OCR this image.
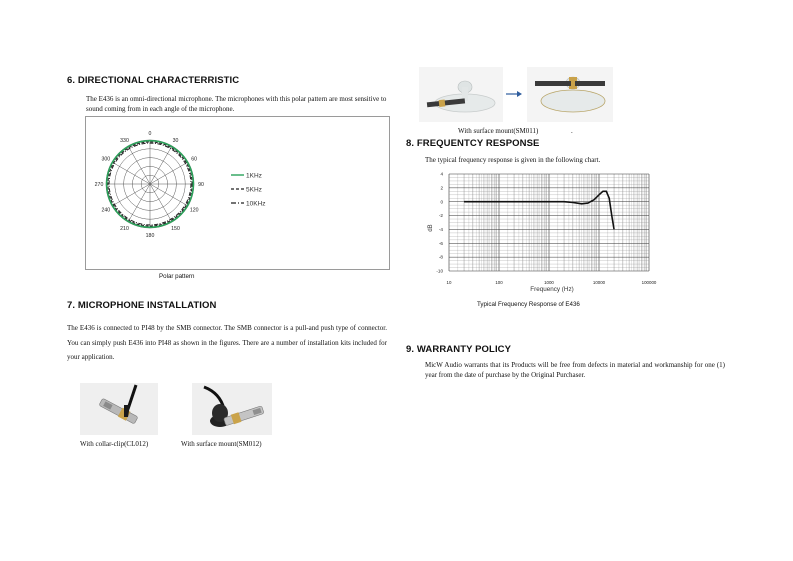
6. DIRECTIONAL CHARACTERRISTIC
The E436 is an omni-directional microphone. The microphones with this polar pattern are most sensitive to sound coming from in each angle of the microphone.
0
30
60
90
120
150
180
210
240
270
300
330
1KHz
5KHz
10KHz
Polar pattern
7. MICROPHONE INSTALLATION
The E436 is connected to PI48 by the SMB connector. The SMB connector is a pull-and push type of connector. You can simply push E436 into PI48 as shown in the figures. There are a number of installation kits included for your application.
With collar-clip(CL012)	With surface mount(SM012)
With surface mount(SM011)	.
8. FREQUENTCY RESPONSE
The typical frequency response is given in the following chart.
4
2
0
-2
-4
-6
-8
-10
10	100	1000	10000	100000
dB
Frequency (Hz)
Typical Frequency Response of E436
9. WARRANTY POLICY
MicW Audio warrants that its Products will be free from defects in material and workmanship for one (1) year from the date of purchase by the Original Purchaser.
